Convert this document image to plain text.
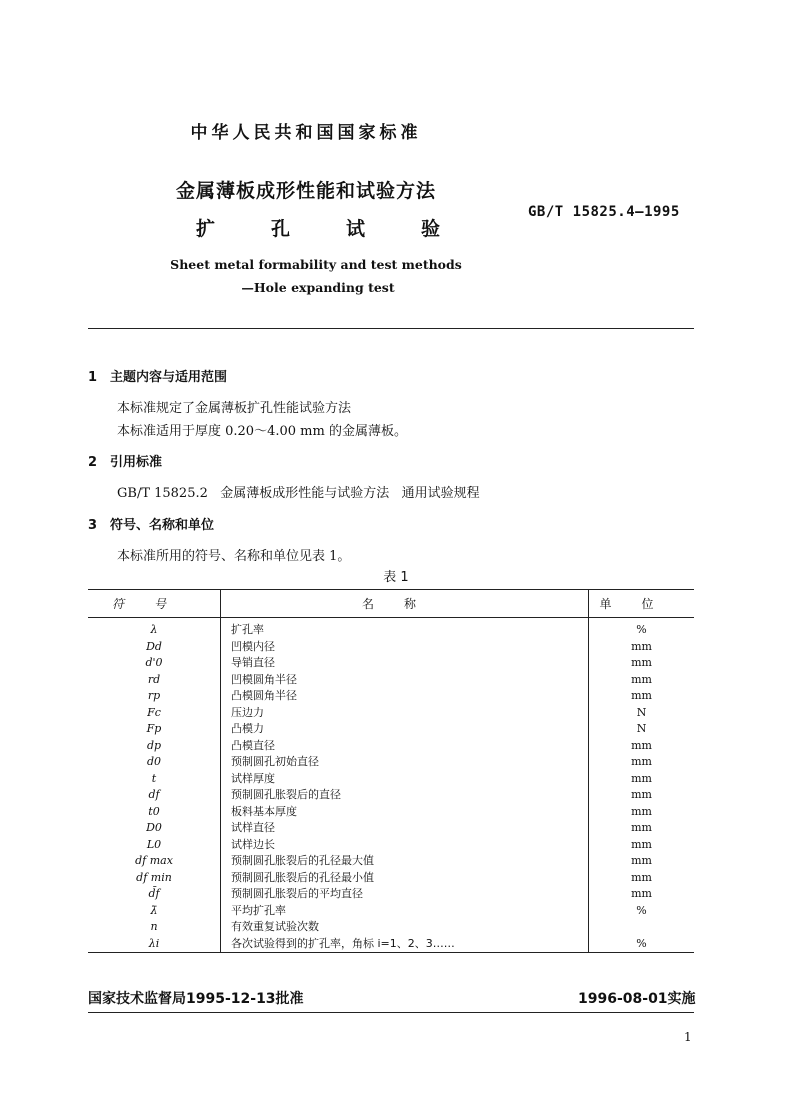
中华人民共和国国家标准
金属薄板成形性能和试验方法
扩	孔	试	验
GB/T 15825.4—1995
Sheet metal formability and test methods
—Hole expanding test
1 主题内容与适用范围
本标准规定了金属薄板扩孔性能试验方法
本标准适用于厚度 0.20～4.00 mm 的金属薄板。
2 引用标准
GB/T 15825.2   金属薄板成形性能与试验方法   通用试验规程
3 符号、名称和单位
本标准所用的符号、名称和单位见表 1。
表 1
符号	名称	单位
λ	扩孔率	%
Dd	凹模内径	mm
d'0	导销直径	mm
rd	凹模圆角半径	mm
rp	凸模圆角半径	mm
Fc	压边力	N
Fp	凸模力	N
dp	凸模直径	mm
d0	预制圆孔初始直径	mm
t	试样厚度	mm
df	预制圆孔胀裂后的直径	mm
t0	板料基本厚度	mm
D0	试样直径	mm
L0	试样边长	mm
df max	预制圆孔胀裂后的孔径最大值	mm
df min	预制圆孔胀裂后的孔径最小值	mm
d̄f	预制圆孔胀裂后的平均直径	mm
λ̄	平均扩孔率	%
n	有效重复试验次数	
λi	各次试验得到的扩孔率，角标 i=1、2、3……	%
国家技术监督局1995-12-13批准	1996-08-01实施
1
